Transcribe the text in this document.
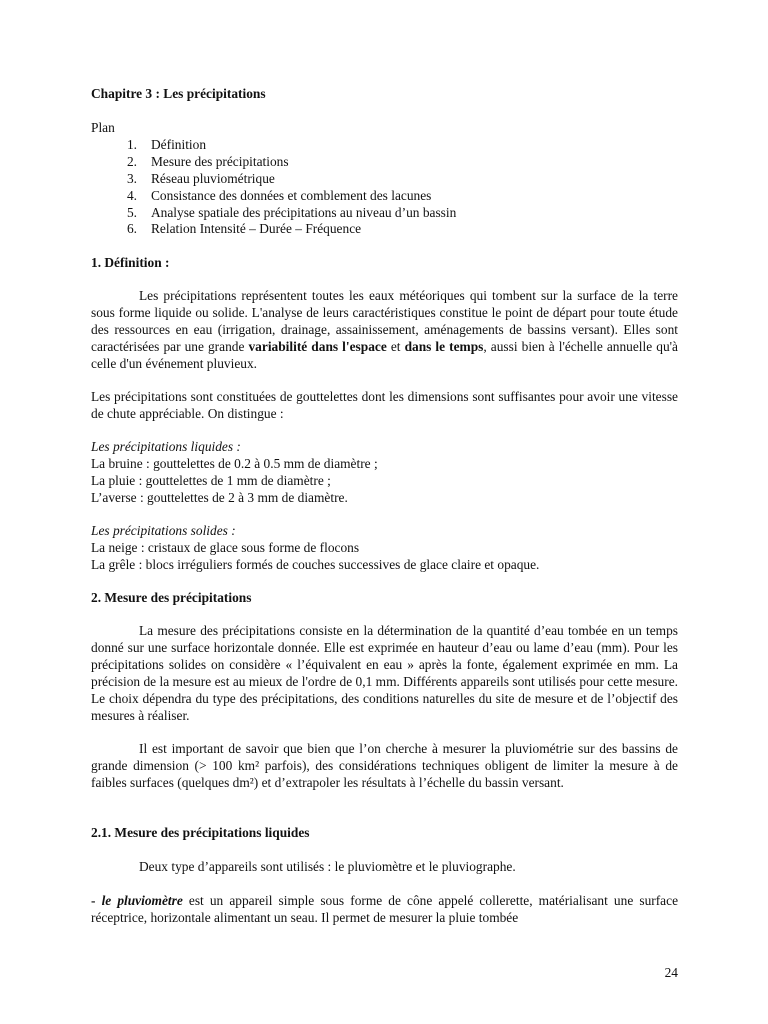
Chapitre 3 : Les précipitations

Plan

1. Définition
2. Mesure des précipitations
3. Réseau pluviométrique
4. Consistance des données et comblement des lacunes
5. Analyse spatiale des précipitations au niveau d’un bassin
6. Relation Intensité – Durée – Fréquence
1. Définition :

Les précipitations représentent toutes les eaux météoriques qui tombent sur la surface de la terre sous forme liquide ou solide. L'analyse de leurs caractéristiques constitue le point de départ pour toute étude des ressources en eau (irrigation, drainage, assainissement, aménagements de bassins versant). Elles sont caractérisées par une grande variabilité dans l'espace et dans le temps, aussi bien à l'échelle annuelle qu'à celle d'un événement pluvieux.

Les précipitations sont constituées de gouttelettes dont les dimensions sont suffisantes pour avoir une vitesse de chute appréciable. On distingue :

Les précipitations liquides :

La bruine : gouttelettes de 0.2 à 0.5 mm de diamètre ;

La pluie : gouttelettes de 1 mm de diamètre ;

L’averse : gouttelettes de 2 à 3 mm de diamètre.

Les précipitations solides :

La neige : cristaux de glace sous forme de flocons

La grêle : blocs irréguliers formés de couches successives de glace claire et opaque.

2. Mesure des précipitations

La mesure des précipitations consiste en la détermination de la quantité d’eau tombée en un temps donné sur une surface horizontale donnée. Elle est exprimée en hauteur d’eau ou lame d’eau (mm). Pour les précipitations solides on considère « l’équivalent en eau » après la fonte, également exprimée en mm. La précision de la mesure est au mieux de l'ordre de 0,1 mm. Différents appareils sont utilisés pour cette mesure. Le choix dépendra du type des précipitations, des conditions naturelles du site de mesure et de l’objectif des mesures à réaliser.

Il est important de savoir que bien que l’on cherche à mesurer la pluviométrie sur des bassins de grande dimension (> 100 km² parfois), des considérations techniques obligent de limiter la mesure à de faibles surfaces (quelques dm²) et d’extrapoler les résultats à l’échelle du bassin versant.

2.1. Mesure des précipitations liquides

Deux type d’appareils sont utilisés : le pluviomètre et le pluviographe.

- le pluviomètre est un appareil simple sous forme de cône appelé collerette, matérialisant une surface réceptrice, horizontale alimentant un seau. Il permet de mesurer la pluie tombée

24
